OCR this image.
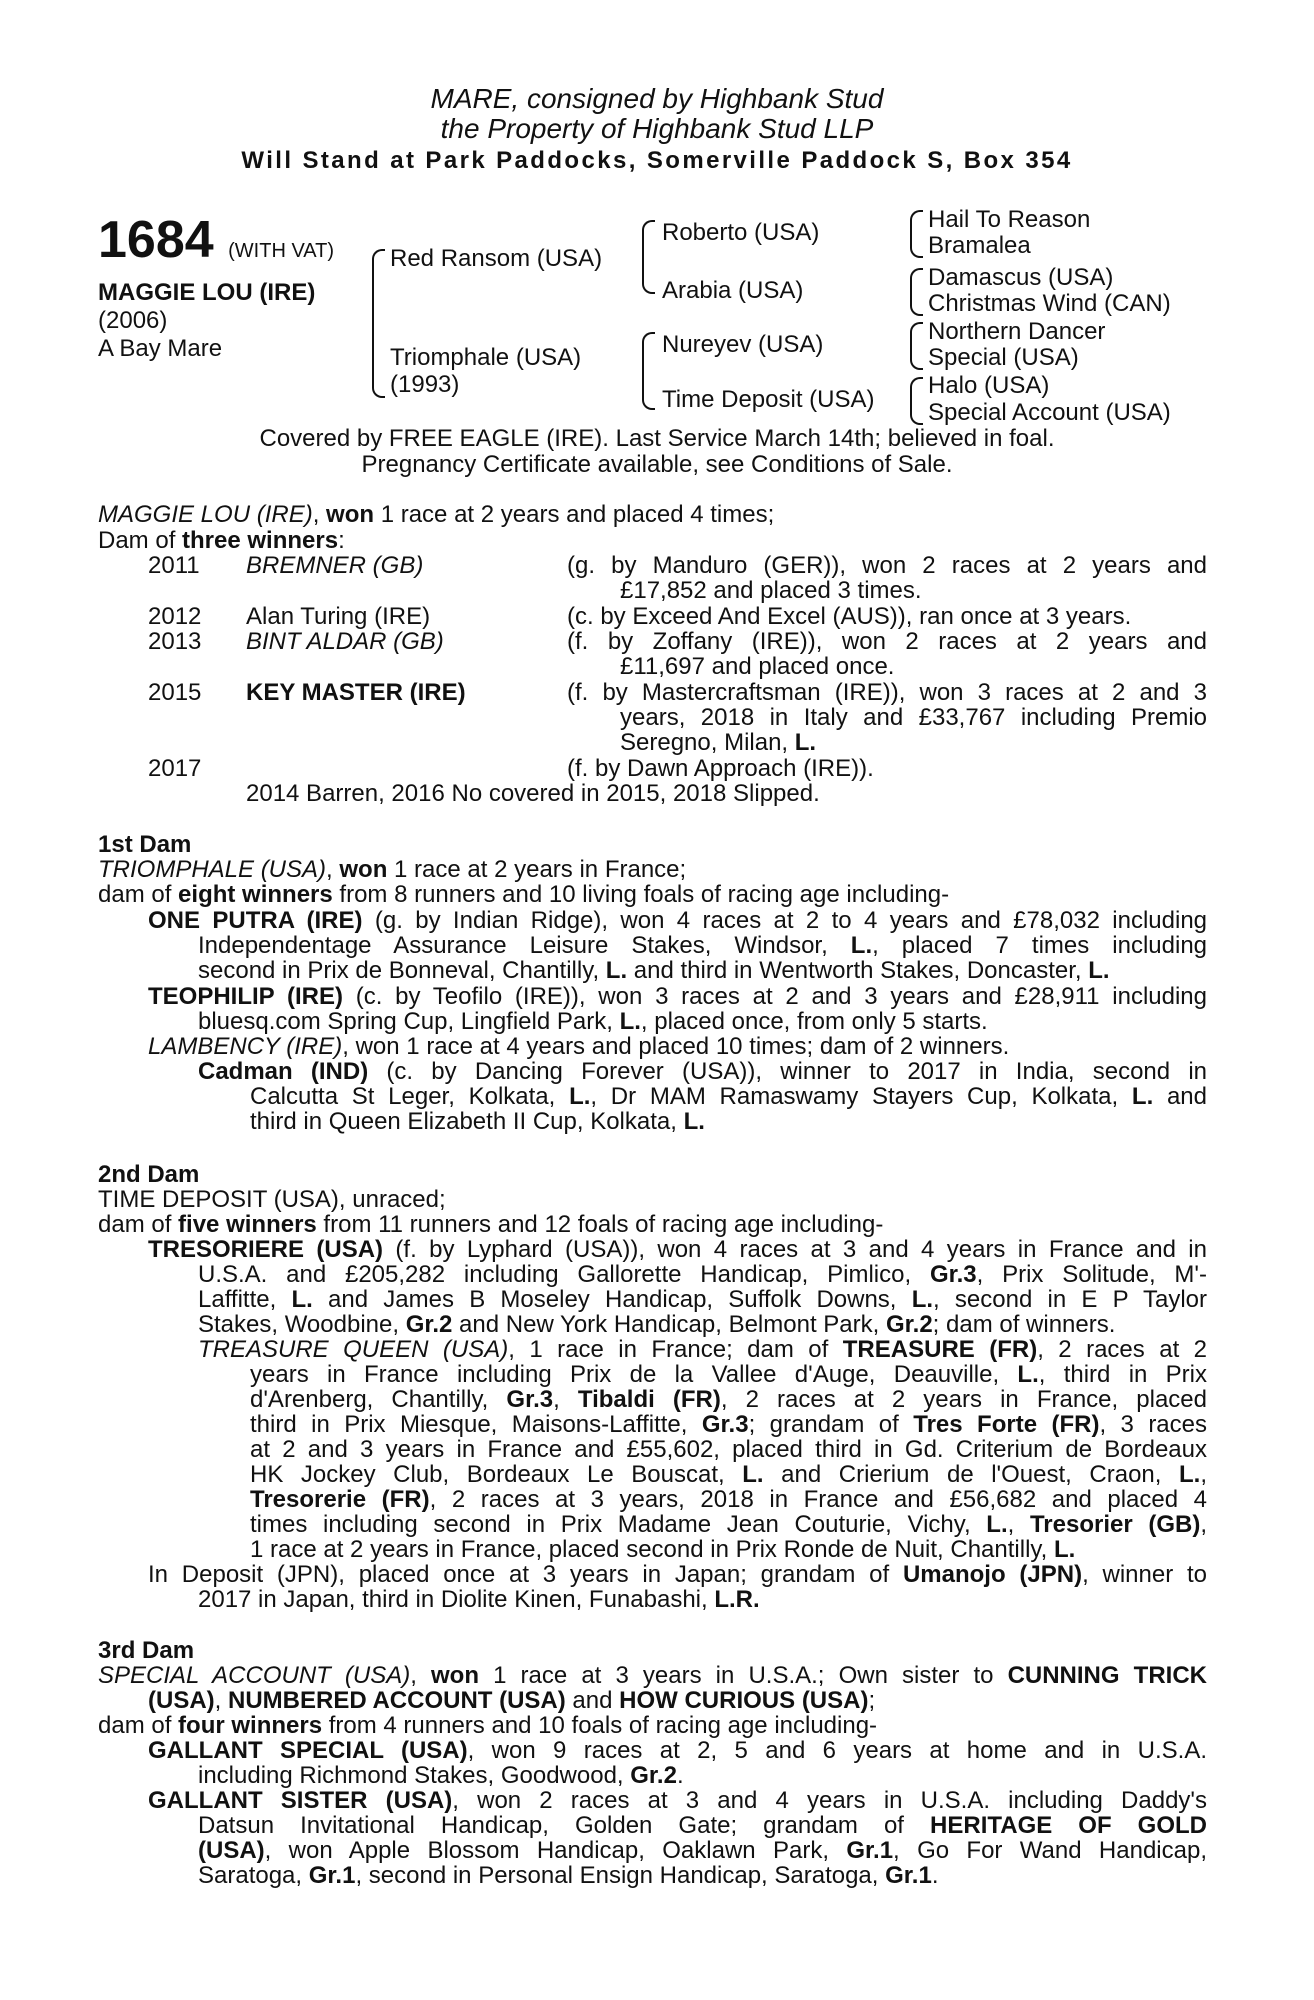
MARE, consigned by Highbank Stud
the Property of Highbank Stud LLP
Will Stand at Park Paddocks, Somerville Paddock S, Box 354
1684 (WITH VAT)
MAGGIE LOU (IRE)
(2006)
A Bay Mare
Red Ransom (USA)
Triomphale (USA)
(1993)
Roberto (USA)
Arabia (USA)
Nureyev (USA)
Time Deposit (USA)
Hail To Reason
Bramalea
Damascus (USA)
Christmas Wind (CAN)
Northern Dancer
Special (USA)
Halo (USA)
Special Account (USA)
Covered by FREE EAGLE (IRE). Last Service March 14th; believed in foal.
Pregnancy Certificate available, see Conditions of Sale.
MAGGIE LOU (IRE), won 1 race at 2 years and placed 4 times;
Dam of three winners:
2011 BREMNER (GB)	(g. by Manduro (GER)), won 2 races at 2 years and
£17,852 and placed 3 times.
2012 Alan Turing (IRE)	(c. by Exceed And Excel (AUS)), ran once at 3 years.
2013 BINT ALDAR (GB)	(f. by Zoffany (IRE)), won 2 races at 2 years and
£11,697 and placed once.
2015 KEY MASTER (IRE)	(f. by Mastercraftsman (IRE)), won 3 races at 2 and 3
years, 2018 in Italy and £33,767 including Premio
Seregno, Milan, L.
2017	(f. by Dawn Approach (IRE)).
2014 Barren, 2016 No covered in 2015, 2018 Slipped.
1st Dam
TRIOMPHALE (USA), won 1 race at 2 years in France;
dam of eight winners from 8 runners and 10 living foals of racing age including-
ONE PUTRA (IRE) (g. by Indian Ridge), won 4 races at 2 to 4 years and £78,032 including
Independentage Assurance Leisure Stakes, Windsor, L., placed 7 times including
second in Prix de Bonneval, Chantilly, L. and third in Wentworth Stakes, Doncaster, L.
TEOPHILIP (IRE) (c. by Teofilo (IRE)), won 3 races at 2 and 3 years and £28,911 including
bluesq.com Spring Cup, Lingfield Park, L., placed once, from only 5 starts.
LAMBENCY (IRE), won 1 race at 4 years and placed 10 times; dam of 2 winners.
Cadman (IND) (c. by Dancing Forever (USA)), winner to 2017 in India, second in
Calcutta St Leger, Kolkata, L., Dr MAM Ramaswamy Stayers Cup, Kolkata, L. and
third in Queen Elizabeth II Cup, Kolkata, L.
2nd Dam
TIME DEPOSIT (USA), unraced;
dam of five winners from 11 runners and 12 foals of racing age including-
TRESORIERE (USA) (f. by Lyphard (USA)), won 4 races at 3 and 4 years in France and in
U.S.A. and £205,282 including Gallorette Handicap, Pimlico, Gr.3, Prix Solitude, M'-
Laffitte, L. and James B Moseley Handicap, Suffolk Downs, L., second in E P Taylor
Stakes, Woodbine, Gr.2 and New York Handicap, Belmont Park, Gr.2; dam of winners.
TREASURE QUEEN (USA), 1 race in France; dam of TREASURE (FR), 2 races at 2
years in France including Prix de la Vallee d'Auge, Deauville, L., third in Prix
d'Arenberg, Chantilly, Gr.3, Tibaldi (FR), 2 races at 2 years in France, placed
third in Prix Miesque, Maisons-Laffitte, Gr.3; grandam of Tres Forte (FR), 3 races
at 2 and 3 years in France and £55,602, placed third in Gd. Criterium de Bordeaux
HK Jockey Club, Bordeaux Le Bouscat, L. and Crierium de l'Ouest, Craon, L.,
Tresorerie (FR), 2 races at 3 years, 2018 in France and £56,682 and placed 4
times including second in Prix Madame Jean Couturie, Vichy, L., Tresorier (GB),
1 race at 2 years in France, placed second in Prix Ronde de Nuit, Chantilly, L.
In Deposit (JPN), placed once at 3 years in Japan; grandam of Umanojo (JPN), winner to
2017 in Japan, third in Diolite Kinen, Funabashi, L.R.
3rd Dam
SPECIAL ACCOUNT (USA), won 1 race at 3 years in U.S.A.; Own sister to CUNNING TRICK
(USA), NUMBERED ACCOUNT (USA) and HOW CURIOUS (USA);
dam of four winners from 4 runners and 10 foals of racing age including-
GALLANT SPECIAL (USA), won 9 races at 2, 5 and 6 years at home and in U.S.A.
including Richmond Stakes, Goodwood, Gr.2.
GALLANT SISTER (USA), won 2 races at 3 and 4 years in U.S.A. including Daddy's
Datsun Invitational Handicap, Golden Gate; grandam of HERITAGE OF GOLD
(USA), won Apple Blossom Handicap, Oaklawn Park, Gr.1, Go For Wand Handicap,
Saratoga, Gr.1, second in Personal Ensign Handicap, Saratoga, Gr.1.
